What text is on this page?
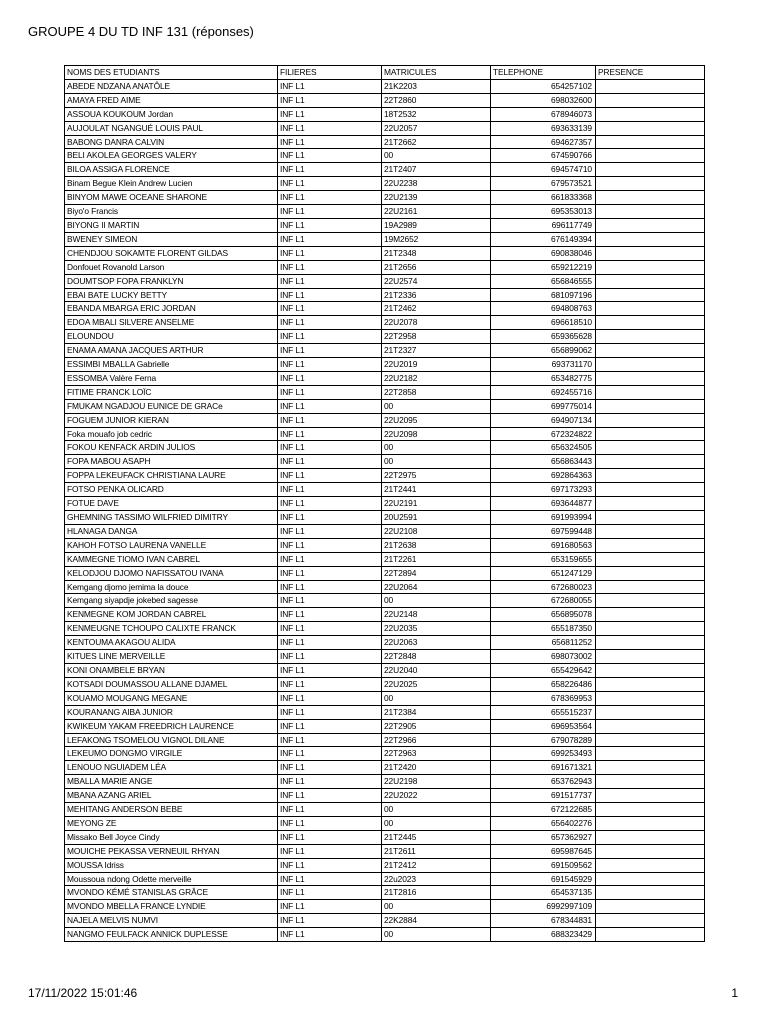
GROUPE 4 DU TD INF 131 (réponses)
NOMS DES ETUDIANTS	FILIERES	MATRICULES	TELEPHONE	PRESENCE
ABEDE NDZANA ANATÔLE	INF L1	21K2203	654257102	
AMAYA FRED AIME	INF L1	22T2860	698032600	
ASSOUA KOUKOUM Jordan	INF L1	18T2532	678946073	
AUJOULAT NGANGUÉ LOUIS PAUL	INF L1	22U2057	693633139	
BABONG DANRA CALVIN	INF L1	21T2662	694627357	
BELI AKOLEA GEORGES VALERY	INF L1	00	674590766	
BILOA ASSIGA FLORENCE	INF L1	21T2407	694574710	
Binam Begue Klein Andrew Lucien	INF L1	22U2238	679573521	
BINYOM MAWE OCEANE SHARONE	INF L1	22U2139	661833368	
Biyo'o Francis	INF L1	22U2161	695353013	
BIYONG II MARTIN	INF L1	19A2989	696117749	
BWENEY SIMEON	INF L1	19M2652	676149394	
CHENDJOU SOKAMTE FLORENT GILDAS	INF L1	21T2348	690838046	
Donfouet Rovanold Larson	INF L1	21T2656	659212219	
DOUMTSOP FOPA FRANKLYN	INF L1	22U2574	656846555	
EBAI BATE LUCKY BETTY	INF L1	21T2336	681097196	
EBANDA MBARGA ERIC JORDAN	INF L1	21T2462	694808763	
EDOA MBALI SILVERE ANSELME	INF L1	22U2078	696618510	
ELOUNDOU	INF L1	22T2958	659365628	
ENAMA AMANA JACQUES ARTHUR	INF L1	21T2327	656899062	
ESSIMBI MBALLA Gabrielle	INF L1	22U2019	693731170	
ESSOMBA Valère Ferna	INF L1	22U2182	653482775	
FITIME FRANCK LOÏC	INF L1	22T2858	692455716	
FMUKAM NGADJOU EUNICE DE GRACe	INF L1	00	699775014	
FOGUEM JUNIOR KIERAN	INF L1	22U2095	694907134	
Foka mouafo job cedric	INF L1	22U2098	672324822	
FOKOU KENFACK ARDIN JULIOS	INF L1	00	656324505	
FOPA MABOU ASAPH	INF L1	00	656863443	
FOPPA LEKEUFACK CHRISTIANA LAURE	INF L1	22T2975	692864363	
FOTSO PENKA OLICARD	INF L1	21T2441	697173293	
FOTUE DAVE	INF L1	22U2191	693644877	
GHEMNING TASSIMO WILFRIED DIMITRY	INF L1	20U2591	691993994	
HLANAGA DANGA	INF L1	22U2108	697599448	
KAHOH FOTSO LAURENA VANELLE	INF L1	21T2638	691680563	
KAMMEGNE TIOMO IVAN CABREL	INF L1	21T2261	653159655	
KELODJOU DJOMO NAFISSATOU IVANA	INF L1	22T2894	651247129	
Kemgang djomo jemima la douce	INF L1	22U2064	672680023	
Kemgang siyapdje jokebed sagesse	INF L1	00	672680055	
KENMEGNE KOM JORDAN CABREL	INF L1	22U2148	656895078	
KENMEUGNE TCHOUPO CALIXTE FRANCK	INF L1	22U2035	655187350	
KENTOUMA AKAGOU ALIDA	INF L1	22U2063	656811252	
KITUES LINE MERVEILLE	INF L1	22T2848	698073002	
KONI ONAMBELE BRYAN	INF L1	22U2040	655429642	
KOTSADI DOUMASSOU ALLANE DJAMEL	INF L1	22U2025	658226486	
KOUAMO MOUGANG MEGANE	INF L1	00	678369953	
KOURANANG AIBA JUNIOR	INF L1	21T2384	655515237	
KWIKEUM YAKAM FREEDRICH LAURENCE	INF L1	22T2905	696953564	
LEFAKONG TSOMELOU VIGNOL DILANE	INF L1	22T2966	679078289	
LEKEUMO DONGMO VIRGILE	INF L1	22T2963	699253493	
LENOUO NGUIADEM LÉA	INF L1	21T2420	691671321	
MBALLA MARIE ANGE	INF L1	22U2198	653762943	
MBANA AZANG ARIEL	INF L1	22U2022	691517737	
MEHITANG ANDERSON BEBE	INF L1	00	672122685	
MEYONG ZE	INF L1	00	656402276	
Missako Bell Joyce Cindy	INF L1	21T2445	657362927	
MOUICHE PEKASSA VERNEUIL RHYAN	INF L1	21T2611	695987645	
MOUSSA Idriss	INF L1	21T2412	691509562	
Moussoua ndong Odette merveille	INF L1	22u2023	691545929	
MVONDO KÉMÉ STANISLAS GRÂCE	INF L1	21T2816	654537135	
MVONDO MBELLA FRANCE LYNDIE	INF L1	00	6992997109	
NAJELA MELVIS NUMVI	INF L1	22K2884	678344831	
NANGMO FEULFACK ANNICK DUPLESSE	INF L1	00	688323429	
17/11/2022 15:01:46	1
